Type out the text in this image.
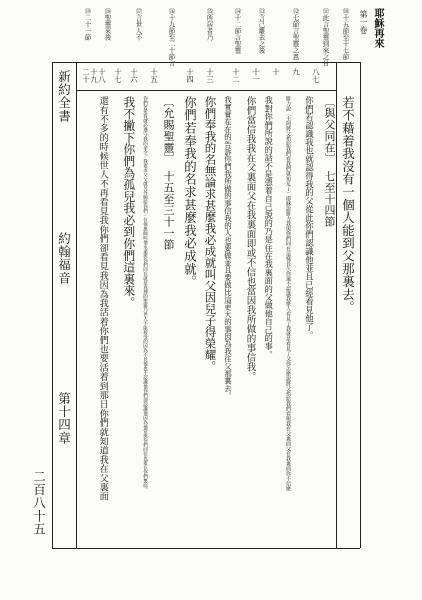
耶穌再來
第一卷
⑩十五節至十七節
⑪此言聖靈到來之日
⑫七節言聖靈之恩
⑬言己離去之後
⑭十二節言聖靈
⑮所居者乃
⑯十九節至二十節言
⑰言世人不
⑱聖靈來後
⑲二十一節
八七
九
十
十一
十二
十三
十四
十五
十六
十七
十八
十九
二十
若不藉着我沒有一個人能到父那裏去。
〔與父同在〕　七至十四節
你們若認識我也就認得我的父從此你們認識他並且已經看見他了。
腓力說〔主阿將父指給我們看我們就知足了〕耶穌說腓力我與你們同在這樣長久你還不認識我麼人看見了我就是看見了父你怎麼說將父指給我們看呢我在父裏面父在我裏面你不信麼
我對你們所說的話不是憑着自己說的乃是住在我裏面的父做他自己的事。
你們當信我我在父裏面父在我裏面即或不信也當因我所做的事信我。
我實實在在的告訴你們我所做的事信我的人也要做並且要做比這更大的事因為我往父那裏去。
你們奉我的名無論求甚麼我必成就叫父因兒子得榮耀。
你們若奉我的名求甚麼我必成就。
〔允賜聖靈〕　十五至三十一節
你們若愛我就必遵守我的命令。我要求父父就另外賜給你們一位保惠師叫他永遠與你們同在就是真理的聖靈乃世人不能接受的因為不見他也不認識他你們卻認識他因為他常與你們同住也要在你們裏面。
我不撇下你們為孤兒我必到你們這裏來。
還有不多的時候世人不再看見我你們卻看見我因為我活着你們也要活着到那日你們就知道我在父裏面
新約全書
約翰福音
第十四章
二百八十五
